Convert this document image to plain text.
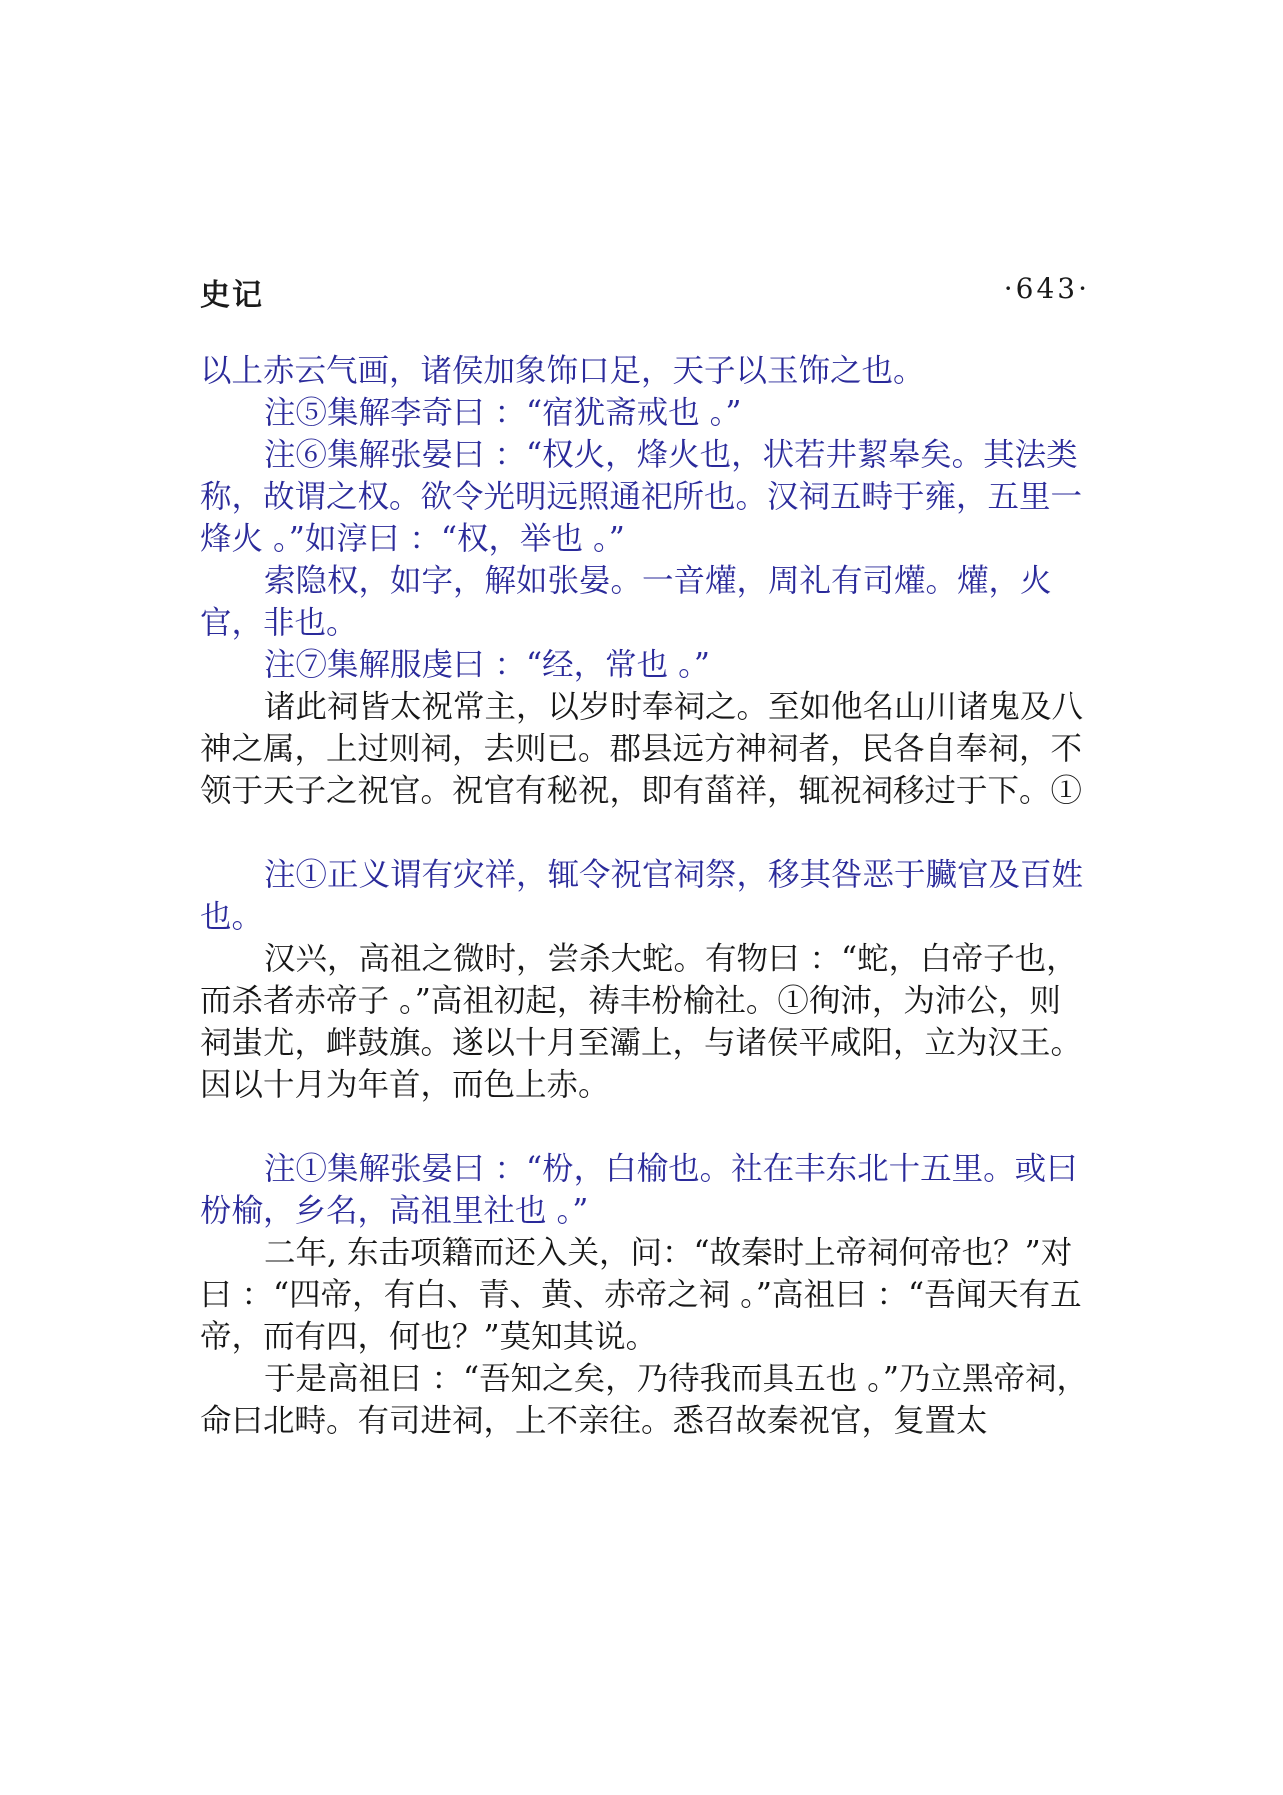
史记	·643·

以上赤云气画，诸侯加象饰口足，天子以玉饰之也。

注⑤集解李奇曰 ：“宿犹斋戒也 。”

注⑥集解张晏曰 ：“权火，烽火也，状若井絜皋矣。其法类称，故谓之权。欲令光明远照通祀所也。汉祠五畤于雍，五里一烽火 。”如淳曰 ：“权，举也 。”

索隐权，如字，解如张晏。一音爟，周礼有司爟。爟，火官，非也。

注⑦集解服虔曰 ：“经，常也 。”

诸此祠皆太祝常主，以岁时奉祠之。至如他名山川诸鬼及八神之属，上过则祠，去则已。郡县远方神祠者，民各自奉祠，不领于天子之祝官。祝官有秘祝，即有菑祥，辄祝祠移过于下。①

注①正义谓有灾祥，辄令祝官祠祭，移其咎恶于臟官及百姓也。

汉兴，高祖之微时，尝杀大蛇。有物曰 ：“蛇，白帝子也，而杀者赤帝子 。”高祖初起，祷丰枌榆社。①徇沛，为沛公，则祠蚩尤，衅鼓旗。遂以十月至灞上，与诸侯平咸阳，立为汉王。因以十月为年首，而色上赤。

注①集解张晏曰 ：“枌，白榆也。社在丰东北十五里。或曰枌榆，乡名，高祖里社也 。”

二年, 东击项籍而还入关，问：“故秦时上帝祠何帝也？”对曰 ：“四帝，有白、青、黄、赤帝之祠 。”高祖曰 ：“吾闻天有五帝，而有四，何也？”莫知其说。

于是高祖曰 ：“吾知之矣，乃待我而具五也 。”乃立黑帝祠，命曰北畤。有司进祠，上不亲往。悉召故秦祝官，复置太
